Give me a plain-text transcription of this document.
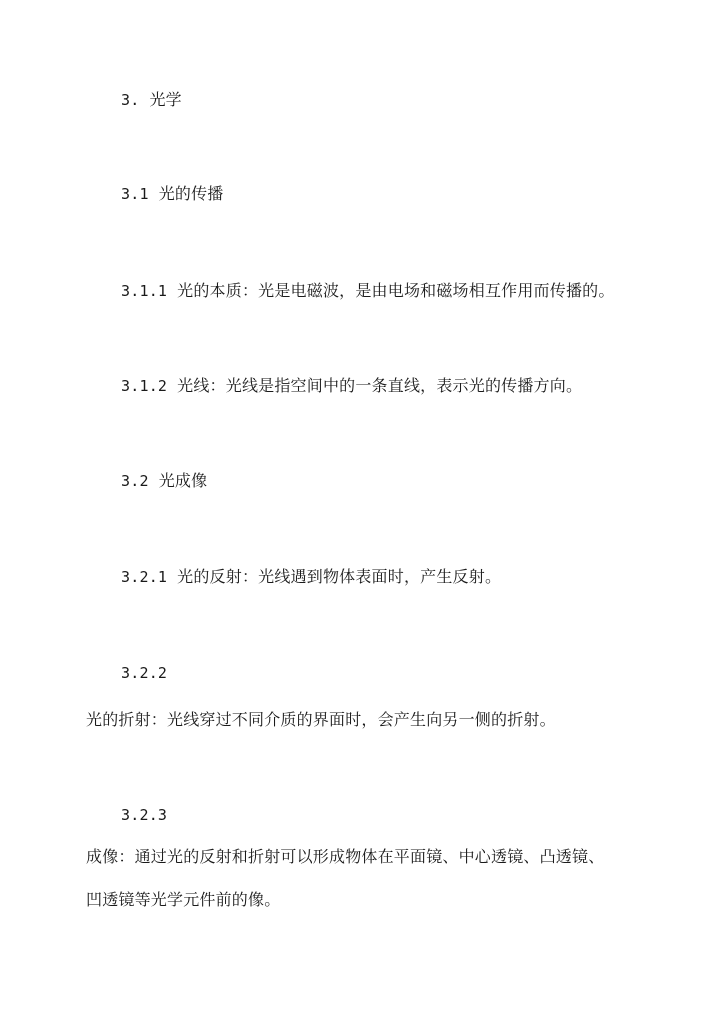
3. 光学
3.1 光的传播
3.1.1 光的本质：光是电磁波，是由电场和磁场相互作用而传播的。
3.1.2 光线：光线是指空间中的一条直线，表示光的传播方向。
3.2 光成像
3.2.1 光的反射：光线遇到物体表面时，产生反射。
3.2.2
光的折射：光线穿过不同介质的界面时，会产生向另一侧的折射。
3.2.3
成像：通过光的反射和折射可以形成物体在平面镜、中心透镜、凸透镜、
凹透镜等光学元件前的像。
